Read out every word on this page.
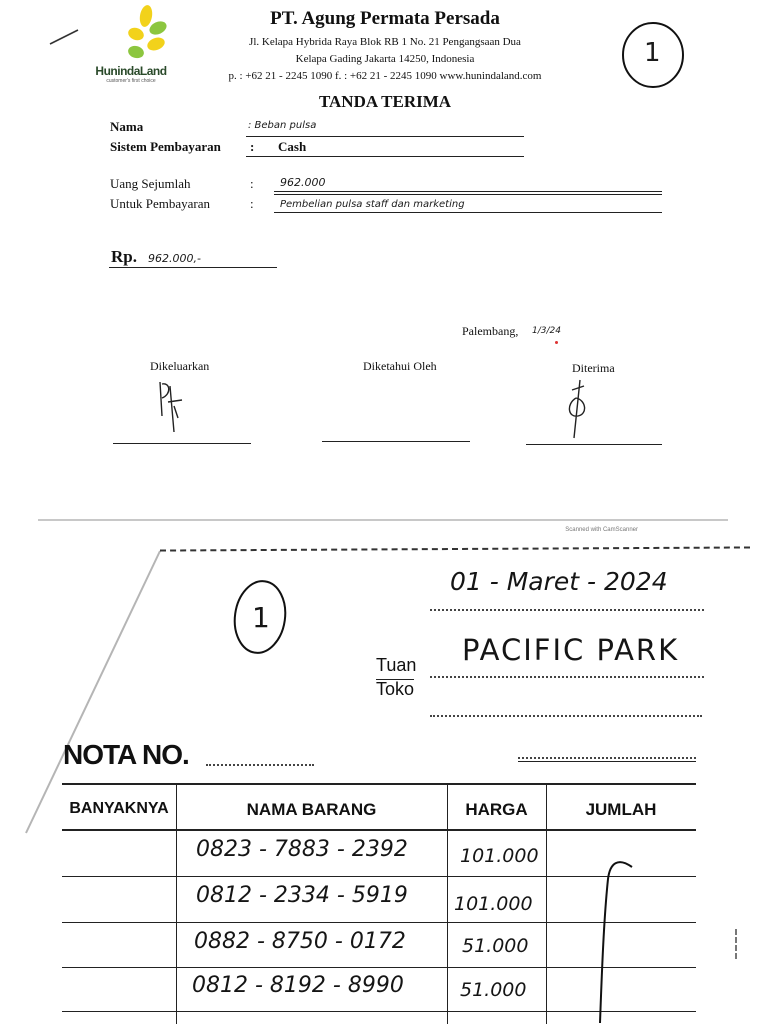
HunindaLand
customer's first choice
PT. Agung Permata Persada
Jl. Kelapa Hybrida Raya Blok RB 1 No. 21 Pengangsaan Dua
Kelapa Gading Jakarta 14250, Indonesia
p. : +62 21 - 2245 1090 f. : +62 21 - 2245 1090 www.hunindaland.com
1
TANDA TERIMA
Nama	: Beban pulsa
Sistem Pembayaran : Cash
Uang Sejumlah	: 962.000
Untuk Pembayaran	:	Pembelian pulsa staff dan marketing
Rp. 962.000,-
Palembang, 1/3/24
Dikeluarkan	Diketahui Oleh	Diterima
Scanned with CamScanner
01 - Maret - 2024
1
Tuan
Toko
PACIFIC PARK
NOTA NO.
BANYAKNYA	NAMA BARANG	HARGA	JUMLAH
0823 - 7883 - 2392	101.000
0812 - 2334 - 5919 101.000
0882 - 8750 - 0172	51.000
0812 - 8192 - 8990	51.000
